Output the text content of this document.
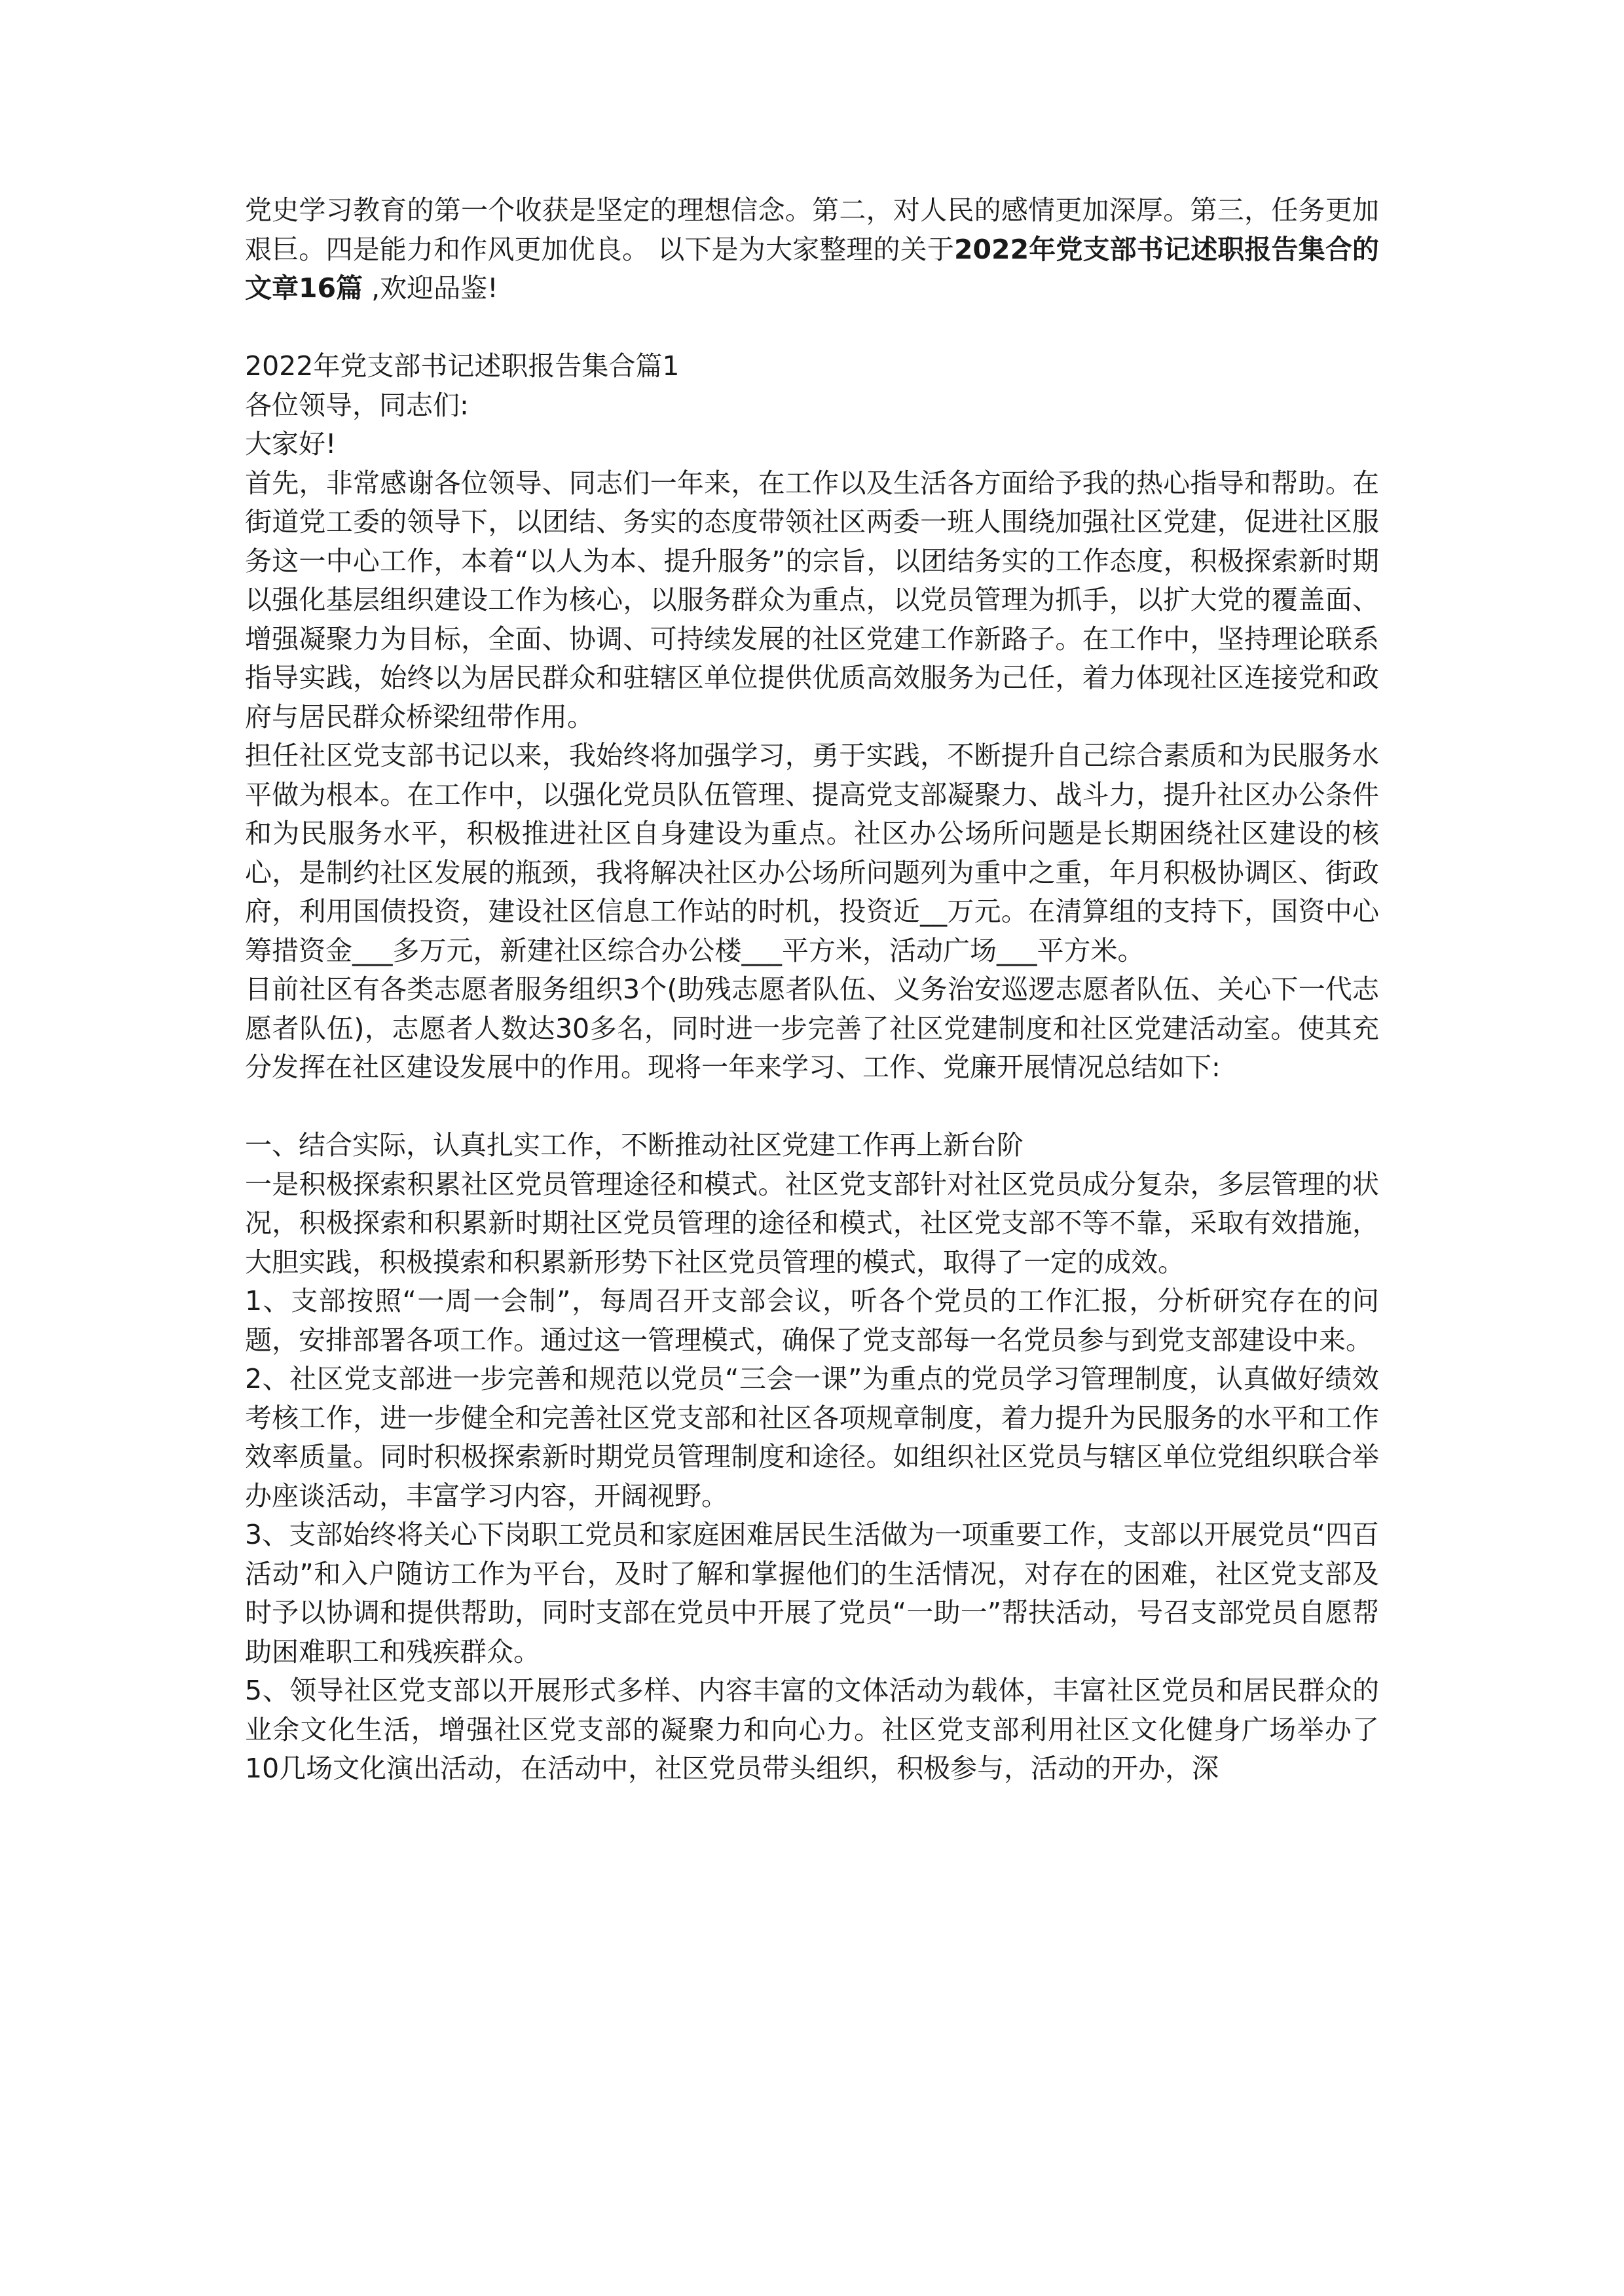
党史学习教育的第一个收获是坚定的理想信念。第二，对人民的感情更加深厚。第三，任务更加艰巨。四是能力和作风更加优良。 以下是为大家整理的关于2022年党支部书记述职报告集合的文章16篇 ,欢迎品鉴!

2022年党支部书记述职报告集合篇1

各位领导，同志们:

大家好!

首先，非常感谢各位领导、同志们一年来，在工作以及生活各方面给予我的热心指导和帮助。在街道党工委的领导下，以团结、务实的态度带领社区两委一班人围绕加强社区党建，促进社区服务这一中心工作，本着“以人为本、提升服务”的宗旨，以团结务实的工作态度，积极探索新时期以强化基层组织建设工作为核心，以服务群众为重点，以党员管理为抓手，以扩大党的覆盖面、增强凝聚力为目标，全面、协调、可持续发展的社区党建工作新路子。在工作中，坚持理论联系指导实践，始终以为居民群众和驻辖区单位提供优质高效服务为己任，着力体现社区连接党和政府与居民群众桥梁纽带作用。

担任社区党支部书记以来，我始终将加强学习，勇于实践，不断提升自己综合素质和为民服务水平做为根本。在工作中，以强化党员队伍管理、提高党支部凝聚力、战斗力，提升社区办公条件和为民服务水平，积极推进社区自身建设为重点。社区办公场所问题是长期困绕社区建设的核心，是制约社区发展的瓶颈，我将解决社区办公场所问题列为重中之重，年月积极协调区、街政府，利用国债投资，建设社区信息工作站的时机，投资近__万元。在清算组的支持下，国资中心筹措资金___多万元，新建社区综合办公楼___平方米，活动广场___平方米。

目前社区有各类志愿者服务组织3个(助残志愿者队伍、义务治安巡逻志愿者队伍、关心下一代志愿者队伍)，志愿者人数达30多名，同时进一步完善了社区党建制度和社区党建活动室。使其充分发挥在社区建设发展中的作用。现将一年来学习、工作、党廉开展情况总结如下:

一、结合实际，认真扎实工作，不断推动社区党建工作再上新台阶

一是积极探索积累社区党员管理途径和模式。社区党支部针对社区党员成分复杂，多层管理的状况，积极探索和积累新时期社区党员管理的途径和模式，社区党支部不等不靠，采取有效措施，大胆实践，积极摸索和积累新形势下社区党员管理的模式，取得了一定的成效。

1、支部按照“一周一会制”，每周召开支部会议，听各个党员的工作汇报，分析研究存在的问题，安排部署各项工作。通过这一管理模式，确保了党支部每一名党员参与到党支部建设中来。

2、社区党支部进一步完善和规范以党员“三会一课”为重点的党员学习管理制度，认真做好绩效考核工作，进一步健全和完善社区党支部和社区各项规章制度，着力提升为民服务的水平和工作效率质量。同时积极探索新时期党员管理制度和途径。如组织社区党员与辖区单位党组织联合举办座谈活动，丰富学习内容，开阔视野。

3、支部始终将关心下岗职工党员和家庭困难居民生活做为一项重要工作，支部以开展党员“四百活动”和入户随访工作为平台，及时了解和掌握他们的生活情况，对存在的困难，社区党支部及时予以协调和提供帮助，同时支部在党员中开展了党员“一助一”帮扶活动，号召支部党员自愿帮助困难职工和残疾群众。

5、领导社区党支部以开展形式多样、内容丰富的文体活动为载体，丰富社区党员和居民群众的业余文化生活，增强社区党支部的凝聚力和向心力。社区党支部利用社区文化健身广场举办了10几场文化演出活动，在活动中，社区党员带头组织，积极参与，活动的开办，深
